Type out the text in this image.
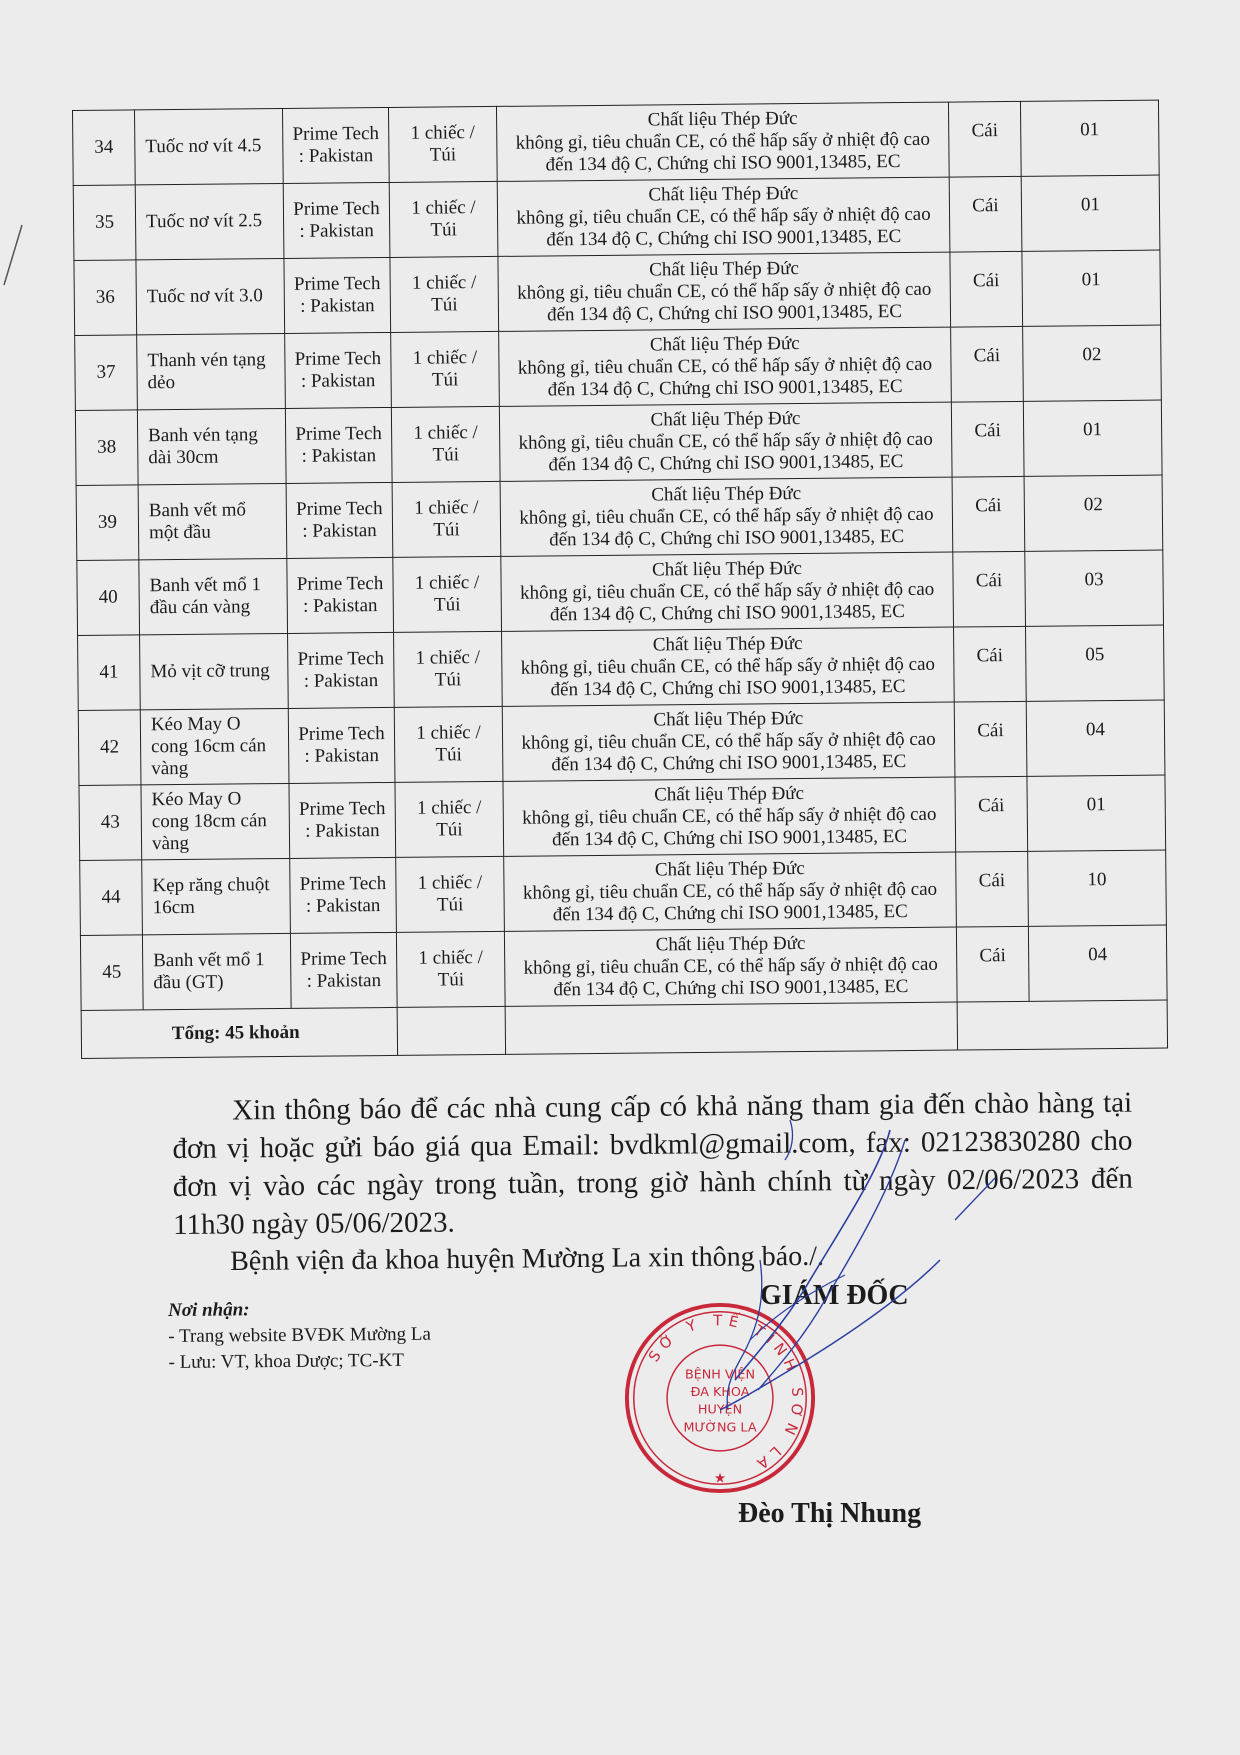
34	Tuốc nơ vít 4.5	Prime Tech : Pakistan	1 chiếc / Túi	Chất liệu Thép Đức
không gỉ, tiêu chuẩn CE, có thể hấp sấy ở nhiệt độ cao đến 134 độ C, Chứng chỉ ISO 9001,13485, EC	Cái	01
35	Tuốc nơ vít 2.5	Prime Tech : Pakistan	1 chiếc / Túi	Chất liệu Thép Đức
không gỉ, tiêu chuẩn CE, có thể hấp sấy ở nhiệt độ cao đến 134 độ C, Chứng chỉ ISO 9001,13485, EC	Cái	01
36	Tuốc nơ vít 3.0	Prime Tech : Pakistan	1 chiếc / Túi	Chất liệu Thép Đức
không gỉ, tiêu chuẩn CE, có thể hấp sấy ở nhiệt độ cao đến 134 độ C, Chứng chỉ ISO 9001,13485, EC	Cái	01
37	Thanh vén tạng dẻo	Prime Tech : Pakistan	1 chiếc / Túi	Chất liệu Thép Đức
không gỉ, tiêu chuẩn CE, có thể hấp sấy ở nhiệt độ cao đến 134 độ C, Chứng chỉ ISO 9001,13485, EC	Cái	02
38	Banh vén tạng dài 30cm	Prime Tech : Pakistan	1 chiếc / Túi	Chất liệu Thép Đức
không gỉ, tiêu chuẩn CE, có thể hấp sấy ở nhiệt độ cao đến 134 độ C, Chứng chỉ ISO 9001,13485, EC	Cái	01
39	Banh vết mổ một đầu	Prime Tech : Pakistan	1 chiếc / Túi	Chất liệu Thép Đức
không gỉ, tiêu chuẩn CE, có thể hấp sấy ở nhiệt độ cao đến 134 độ C, Chứng chỉ ISO 9001,13485, EC	Cái	02
40	Banh vết mổ 1 đầu cán vàng	Prime Tech : Pakistan	1 chiếc / Túi	Chất liệu Thép Đức
không gỉ, tiêu chuẩn CE, có thể hấp sấy ở nhiệt độ cao đến 134 độ C, Chứng chỉ ISO 9001,13485, EC	Cái	03
41	Mỏ vịt cỡ trung	Prime Tech : Pakistan	1 chiếc / Túi	Chất liệu Thép Đức
không gỉ, tiêu chuẩn CE, có thể hấp sấy ở nhiệt độ cao đến 134 độ C, Chứng chỉ ISO 9001,13485, EC	Cái	05
42	Kéo May O cong 16cm cán vàng	Prime Tech : Pakistan	1 chiếc / Túi	Chất liệu Thép Đức
không gỉ, tiêu chuẩn CE, có thể hấp sấy ở nhiệt độ cao đến 134 độ C, Chứng chỉ ISO 9001,13485, EC	Cái	04
43	Kéo May O cong 18cm cán vàng	Prime Tech : Pakistan	1 chiếc / Túi	Chất liệu Thép Đức
không gỉ, tiêu chuẩn CE, có thể hấp sấy ở nhiệt độ cao đến 134 độ C, Chứng chỉ ISO 9001,13485, EC	Cái	01
44	Kẹp răng chuột 16cm	Prime Tech : Pakistan	1 chiếc / Túi	Chất liệu Thép Đức
không gỉ, tiêu chuẩn CE, có thể hấp sấy ở nhiệt độ cao đến 134 độ C, Chứng chỉ ISO 9001,13485, EC	Cái	10
45	Banh vết mổ 1 đầu (GT)	Prime Tech : Pakistan	1 chiếc / Túi	Chất liệu Thép Đức
không gỉ, tiêu chuẩn CE, có thể hấp sấy ở nhiệt độ cao đến 134 độ C, Chứng chỉ ISO 9001,13485, EC	Cái	04
Tổng: 45 khoản						

Xin thông báo để các nhà cung cấp có khả năng tham gia đến chào hàng tại đơn vị hoặc gửi báo giá qua Email: bvdkml@gmail.com, fax: 02123830280 cho đơn vị vào các ngày trong tuần, trong giờ hành chính từ ngày 02/06/2023 đến 11h30 ngày 05/06/2023.

Bệnh viện đa khoa huyện Mường La xin thông báo./.
Nơi nhận:
- Trang website BVĐK Mường La
- Lưu: VT, khoa Dược; TC-KT	SỞ Y TẾ TỈNH SƠN LA
BỆNH VIỆN
ĐA KHOA
HUYỆN
MƯỜNG LA
★
GIÁM ĐỐC
Đèo Thị Nhung
